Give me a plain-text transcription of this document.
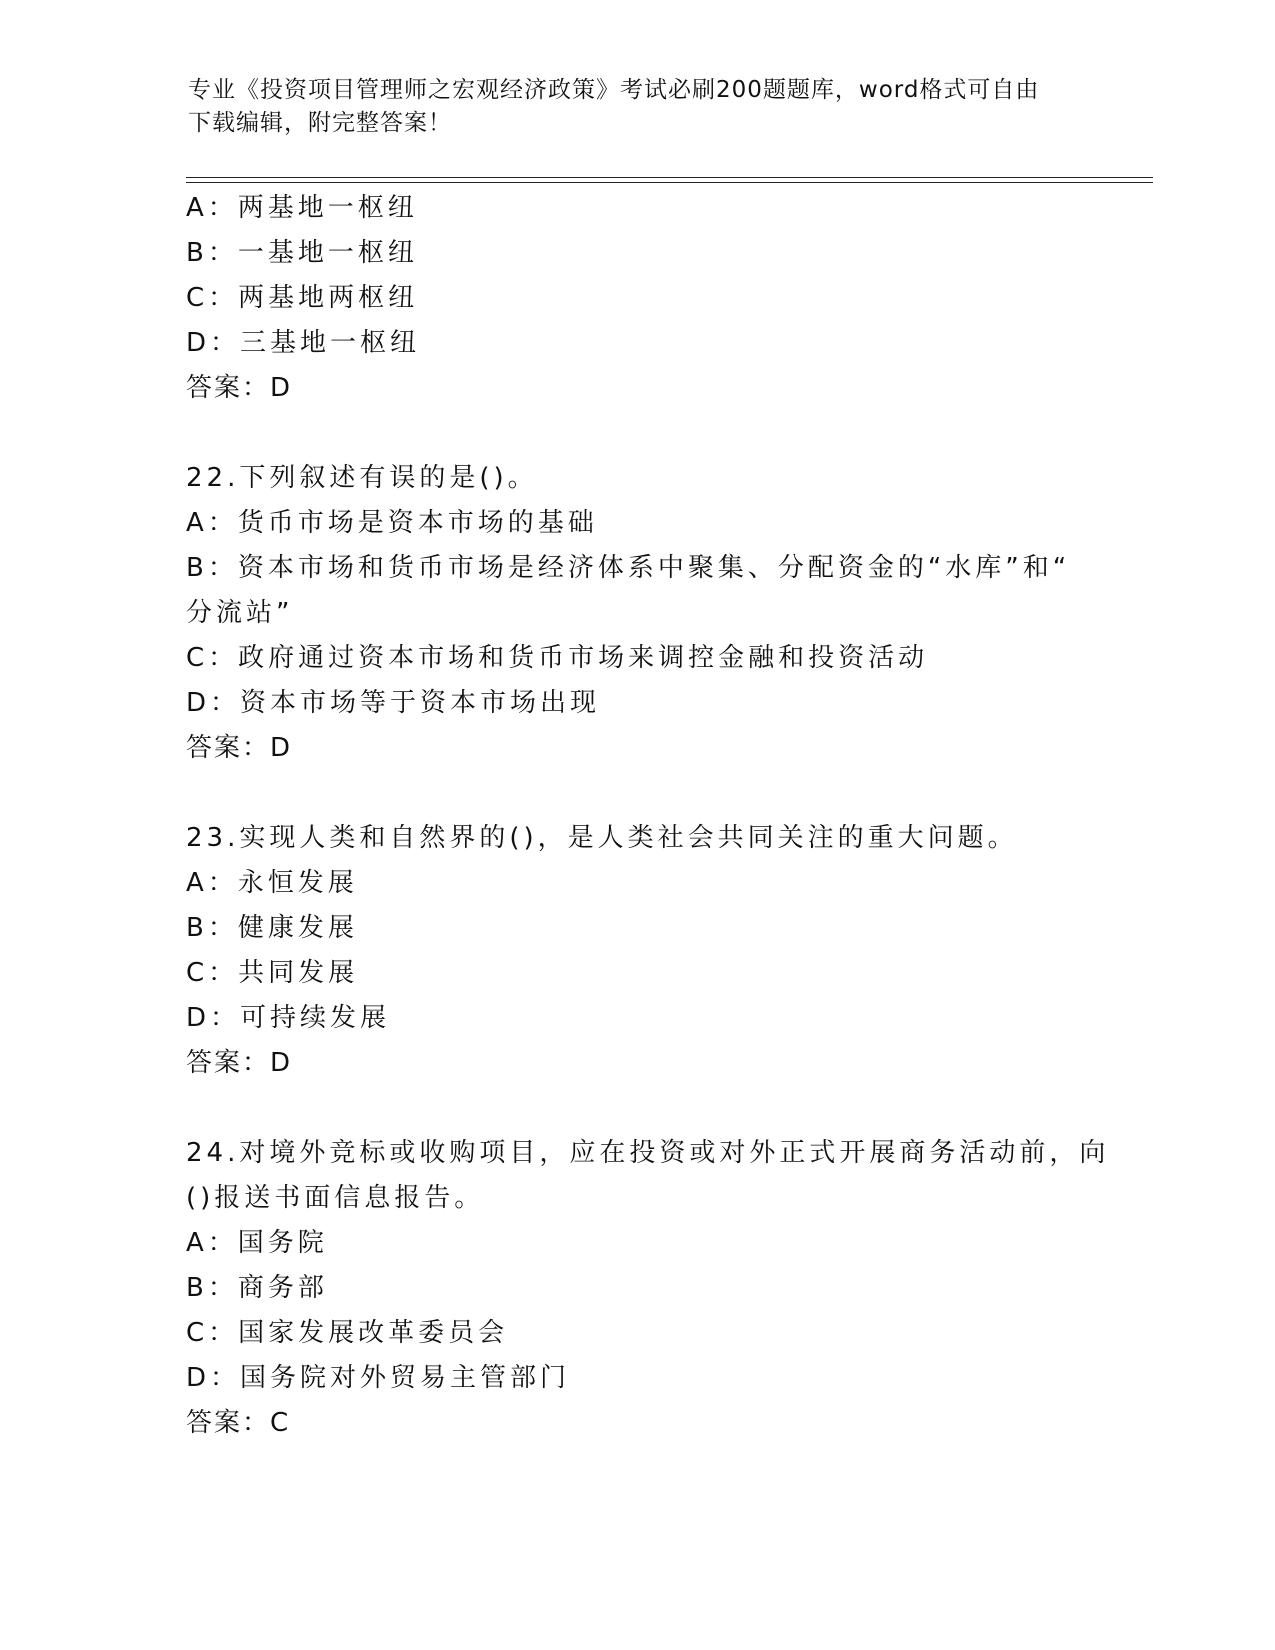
专业《投资项目管理师之宏观经济政策》考试必刷200题题库，word格式可自由
下载编辑，附完整答案！
A：两基地一枢纽
B：一基地一枢纽
C：两基地两枢纽
D：三基地一枢纽
答案：D
22.下列叙述有误的是()。
A：货币市场是资本市场的基础
B：资本市场和货币市场是经济体系中聚集、分配资金的“水库”和“
分流站”
C：政府通过资本市场和货币市场来调控金融和投资活动
D：资本市场等于资本市场出现
答案：D
23.实现人类和自然界的()，是人类社会共同关注的重大问题。
A：永恒发展
B：健康发展
C：共同发展
D：可持续发展
答案：D
24.对境外竞标或收购项目，应在投资或对外正式开展商务活动前，向
()报送书面信息报告。
A：国务院
B：商务部
C：国家发展改革委员会
D：国务院对外贸易主管部门
答案：C
